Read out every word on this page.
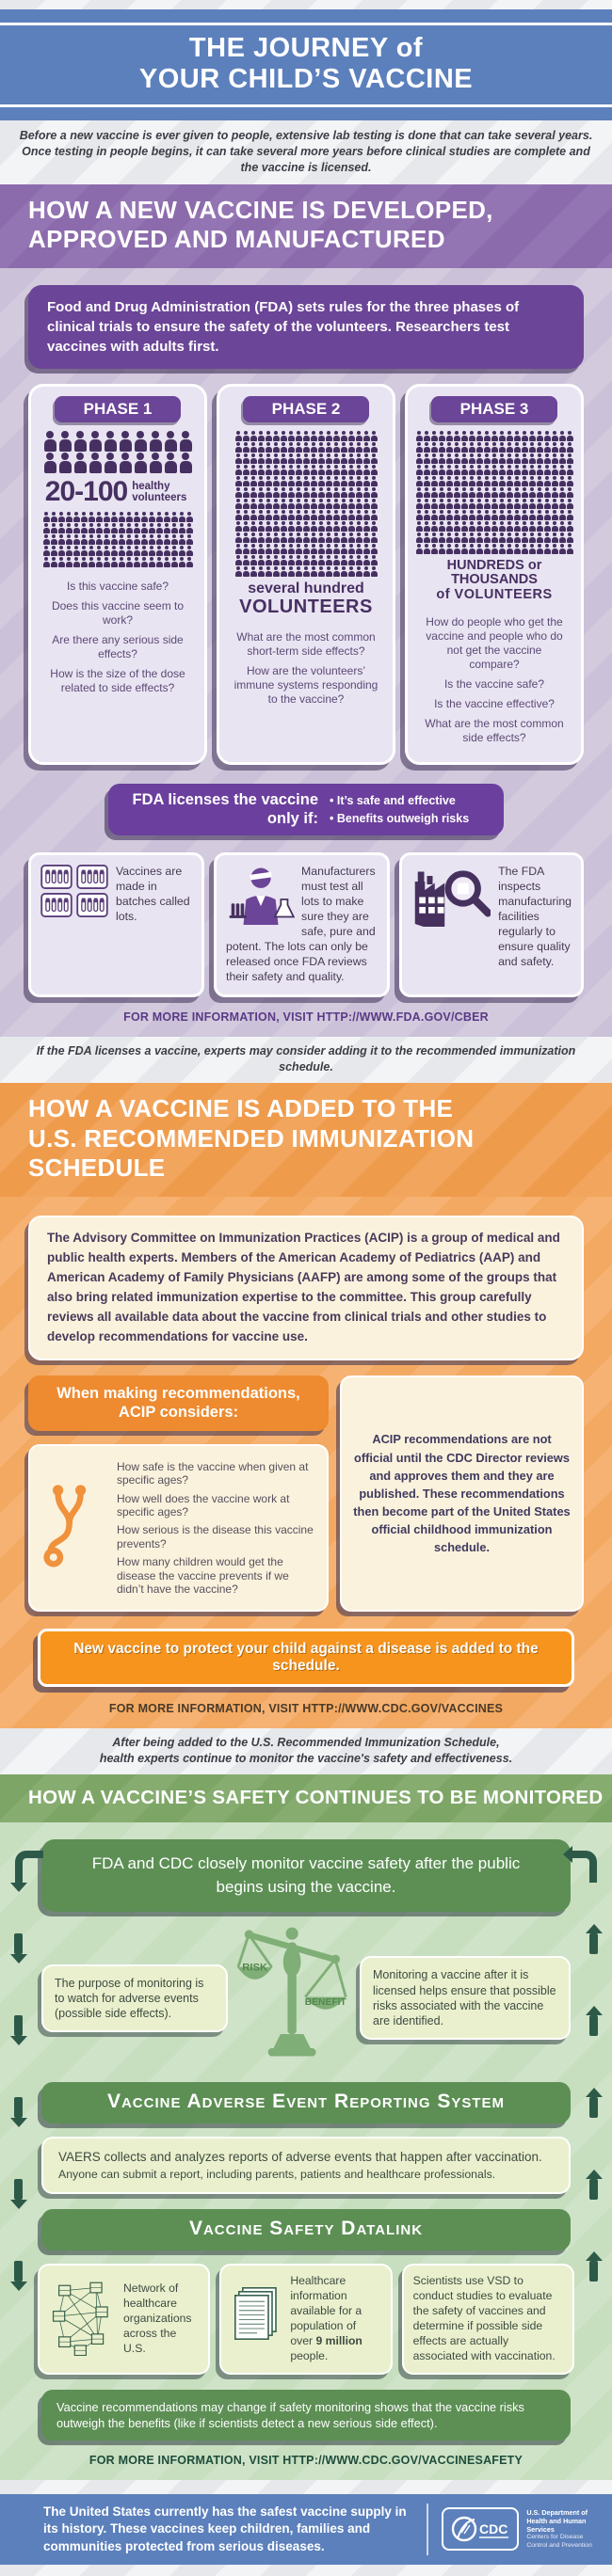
THE JOURNEY of
YOUR CHILD’S VACCINE
Before a new vaccine is ever given to people, extensive lab testing is done that can take several years.
Once testing in people begins, it can take several more years before clinical studies are complete and the vaccine is licensed.
HOW A NEW VACCINE IS DEVELOPED,
APPROVED AND MANUFACTURED

Food and Drug Administration (FDA) sets rules for the three phases of clinical trials to ensure the safety of the volunteers. Researchers test vaccines with adults first.

PHASE 1
20-100 healthy volunteers

Is this vaccine safe?

Does this vaccine seem to work?

Are there any serious side effects?

How is the size of the dose related to side effects?

PHASE 2
several hundred
VOLUNTEERS

What are the most common short-term side effects?

How are the volunteers’ immune systems responding to the vaccine?

PHASE 3
HUNDREDS or THOUSANDS
of VOLUNTEERS

How do people who get the vaccine and people who do not get the vaccine compare?

Is the vaccine safe?

Is the vaccine effective?

What are the most common side effects?

FDA licenses the vaccine only if:
• It’s safe and effective
• Benefits outweigh risks
Vaccines are made in batches called lots.
Manufacturers must test all lots to make sure they are safe, pure and potent. The lots can only be released once FDA reviews their safety and quality.
The FDA inspects manufacturing facilities regularly to ensure quality and safety.
FOR MORE INFORMATION, VISIT HTTP://WWW.FDA.GOV/CBER
If the FDA licenses a vaccine, experts may consider adding it to the recommended immunization schedule.
HOW A VACCINE IS ADDED TO THE
U.S. RECOMMENDED IMMUNIZATION SCHEDULE

The Advisory Committee on Immunization Practices (ACIP) is a group of medical and public health experts. Members of the American Academy of Pediatrics (AAP) and American Academy of Family Physicians (AAFP) are among some of the groups that also bring related immunization expertise to the committee. This group carefully reviews all available data about the vaccine from clinical trials and other studies to develop recommendations for vaccine use.

When making recommendations, ACIP considers:

How safe is the vaccine when given at specific ages?

How well does the vaccine work at specific ages?

How serious is the disease this vaccine prevents?

How many children would get the disease the vaccine prevents if we didn’t have the vaccine?

ACIP recommendations are not official until the CDC Director reviews and approves them and they are published. These recommendations then become part of the United States official childhood immunization schedule.

New vaccine to protect your child against a disease is added to the schedule.
FOR MORE INFORMATION, VISIT HTTP://WWW.CDC.GOV/VACCINES
After being added to the U.S. Recommended Immunization Schedule,
health experts continue to monitor the vaccine's safety and effectiveness.
HOW A VACCINE’S SAFETY CONTINUES TO BE MONITORED

FDA and CDC closely monitor vaccine safety after the public begins using the vaccine.

The purpose of monitoring is to watch for adverse events (possible side effects).
RISK
BENEFIT
Monitoring a vaccine after it is licensed helps ensure that possible risks associated with the vaccine are identified.
Vaccine Adverse Event Reporting System

VAERS collects and analyzes reports of adverse events that happen after vaccination.

Anyone can submit a report, including parents, patients and healthcare professionals.

Vaccine Safety Datalink
Network of healthcare organizations across the U.S.
Healthcare information available for a population of over 9 million people.
Scientists use VSD to conduct studies to evaluate the safety of vaccines and determine if possible side effects are actually associated with vaccination.

Vaccine recommendations may change if safety monitoring shows that the vaccine risks outweigh the benefits (like if scientists detect a new serious side effect).

FOR MORE INFORMATION, VISIT HTTP://WWW.CDC.GOV/VACCINESAFETY
The United States currently has the safest vaccine supply in its history. These vaccines keep children, families and communities protected from serious diseases.
CDC
U.S. Department of
Health and Human Services
Centers for Disease
Control and Prevention
